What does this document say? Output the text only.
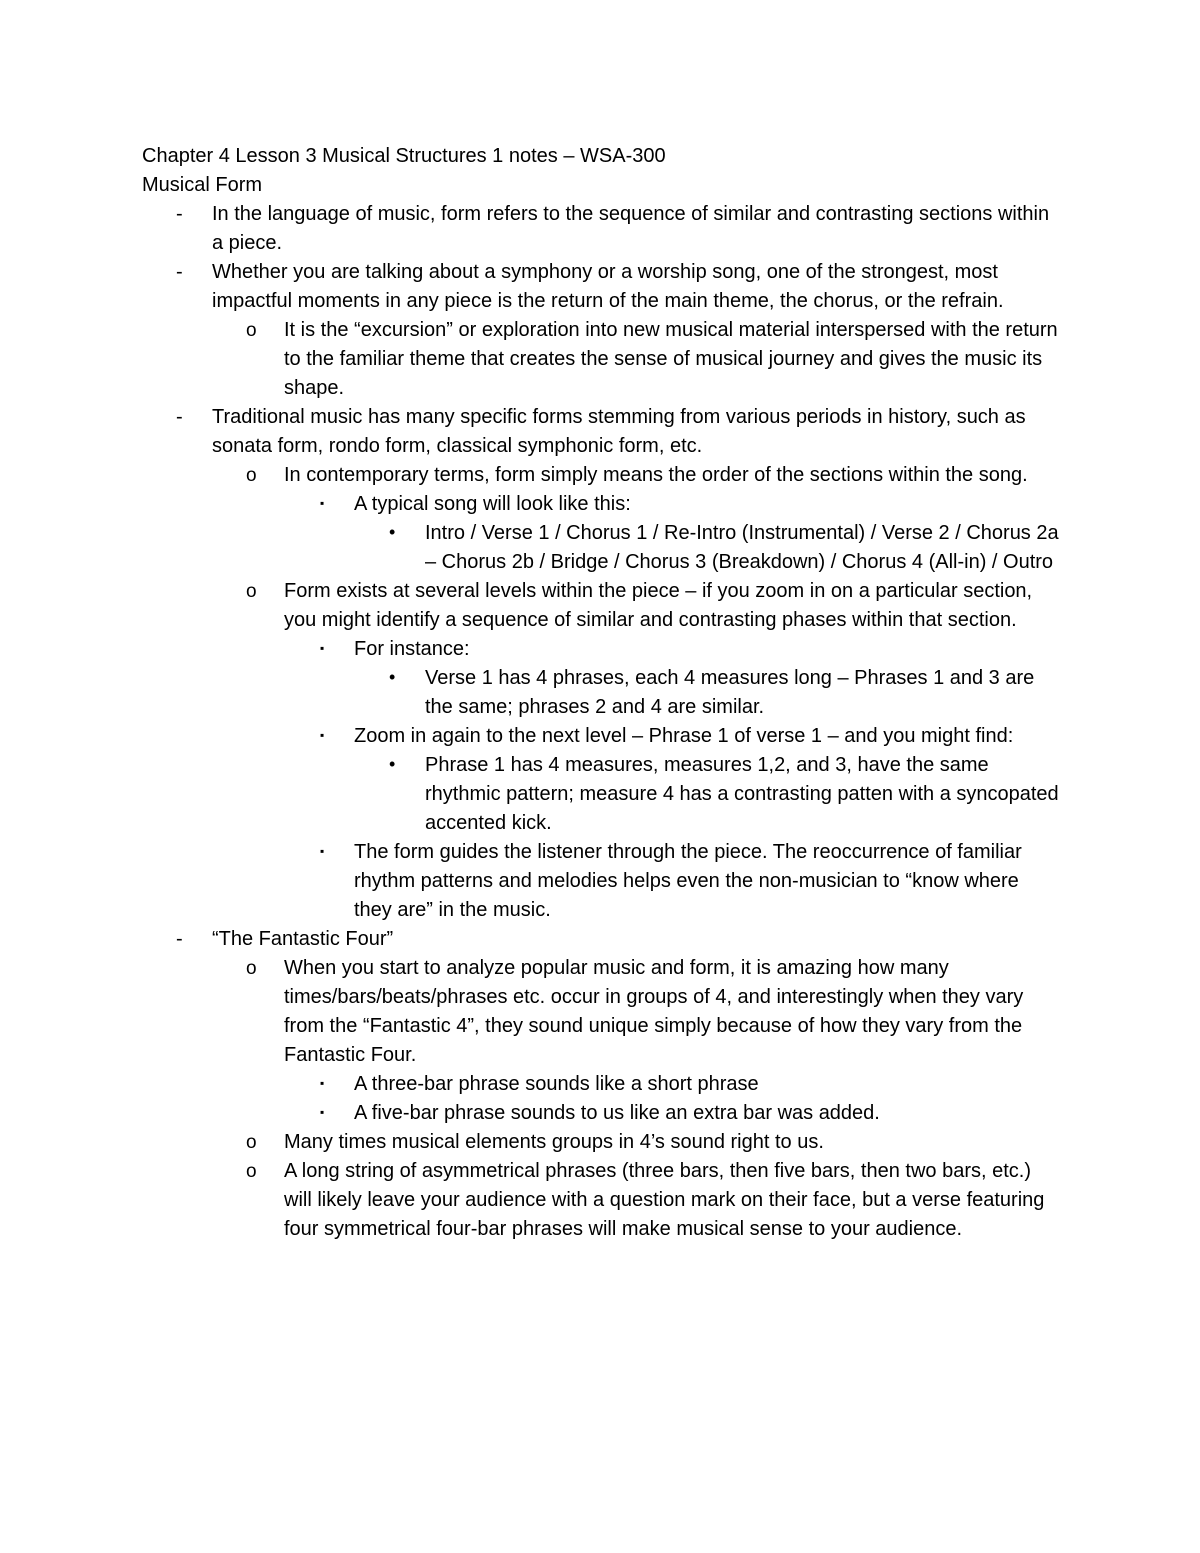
Chapter 4 Lesson 3 Musical Structures 1 notes – WSA-300

Musical Form

- In the language of music, form refers to the sequence of similar and contrasting sections within a piece.
- Whether you are talking about a symphony or a worship song, one of the strongest, most impactful moments in any piece is the return of the main theme, the chorus, or the refrain.
o It is the “excursion” or exploration into new musical material interspersed with the return to the familiar theme that creates the sense of musical journey and gives the music its shape.
- Traditional music has many specific forms stemming from various periods in history, such as sonata form, rondo form, classical symphonic form, etc.
o In contemporary terms, form simply means the order of the sections within the song.
▪ A typical song will look like this:
• Intro / Verse 1 / Chorus 1 / Re-Intro (Instrumental) / Verse 2 / Chorus 2a – Chorus 2b / Bridge / Chorus 3 (Breakdown) / Chorus 4 (All-in) / Outro
o Form exists at several levels within the piece – if you zoom in on a particular section, you might identify a sequence of similar and contrasting phases within that section.
▪ For instance:
• Verse 1 has 4 phrases, each 4 measures long – Phrases 1 and 3 are the same; phrases 2 and 4 are similar.
▪ Zoom in again to the next level – Phrase 1 of verse 1 – and you might find:
• Phrase 1 has 4 measures, measures 1,2, and 3, have the same rhythmic pattern; measure 4 has a contrasting patten with a syncopated accented kick.
▪ The form guides the listener through the piece. The reoccurrence of familiar rhythm patterns and melodies helps even the non-musician to “know where they are” in the music.
- “The Fantastic Four”
o When you start to analyze popular music and form, it is amazing how many times/bars/beats/phrases etc. occur in groups of 4, and interestingly when they vary from the “Fantastic 4”, they sound unique simply because of how they vary from the Fantastic Four.
▪ A three-bar phrase sounds like a short phrase
▪ A five-bar phrase sounds to us like an extra bar was added.
o Many times musical elements groups in 4’s sound right to us.
o A long string of asymmetrical phrases (three bars, then five bars, then two bars, etc.) will likely leave your audience with a question mark on their face, but a verse featuring four symmetrical four-bar phrases will make musical sense to your audience.
